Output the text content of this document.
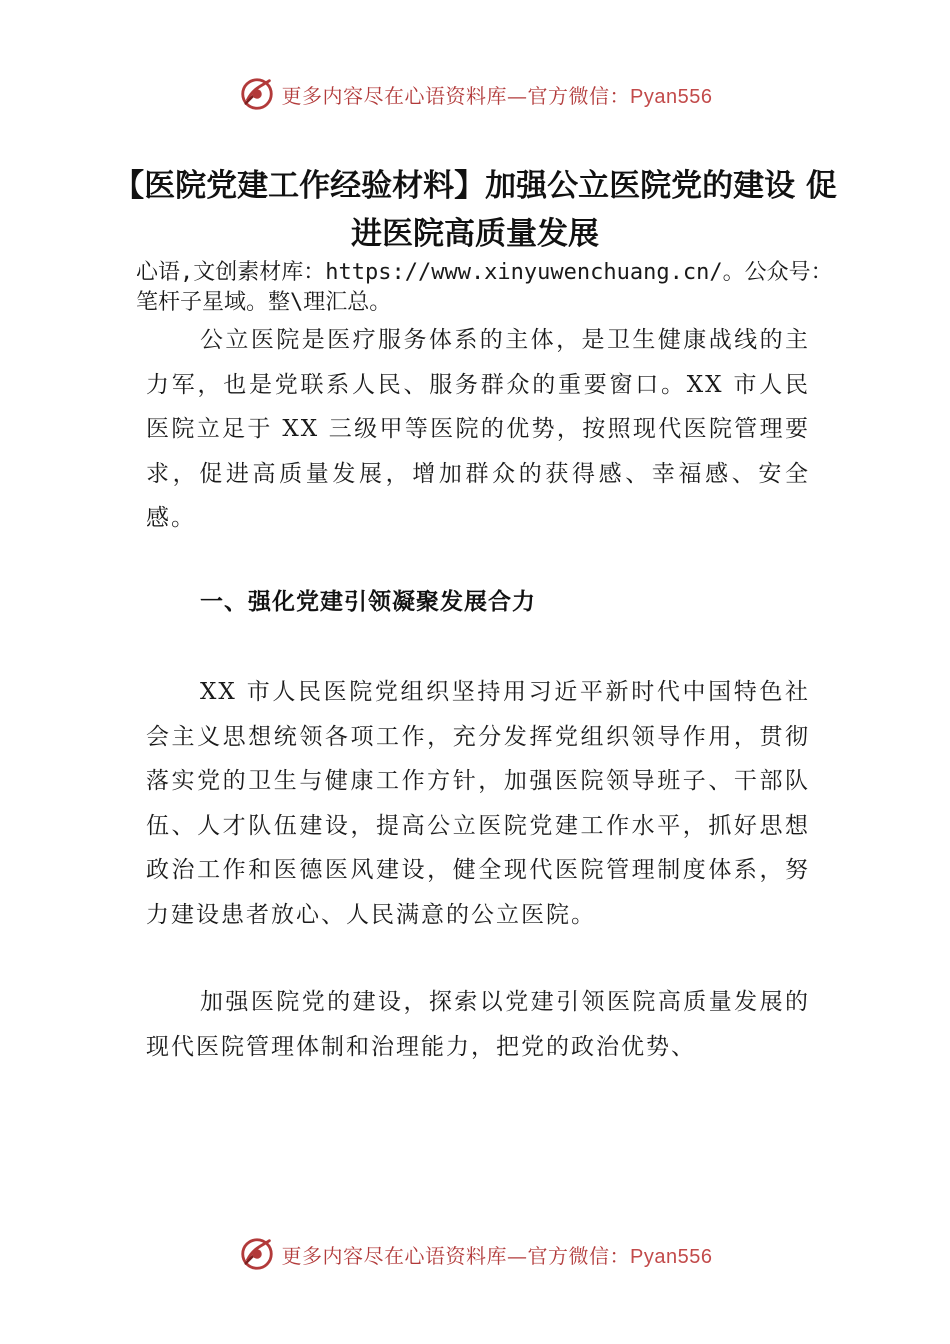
更多内容尽在心语资料库—官方微信：Pyan556
【医院党建工作经验材料】加强公立医院党的建设 促进医院高质量发展

心语,文创素材库：https://www.xinyuwenchuang.cn/。公众号：笔杆子星域。整\理汇总。

公立医院是医疗服务体系的主体，是卫生健康战线的主力军，也是党联系人民、服务群众的重要窗口。XX 市人民医院立足于 XX 三级甲等医院的优势，按照现代医院管理要求，促进高质量发展，增加群众的获得感、幸福感、安全感。

一、强化党建引领凝聚发展合力

XX 市人民医院党组织坚持用习近平新时代中国特色社会主义思想统领各项工作，充分发挥党组织领导作用，贯彻落实党的卫生与健康工作方针，加强医院领导班子、干部队伍、人才队伍建设，提高公立医院党建工作水平，抓好思想政治工作和医德医风建设，健全现代医院管理制度体系，努力建设患者放心、人民满意的公立医院。

加强医院党的建设，探索以党建引领医院高质量发展的现代医院管理体制和治理能力，把党的政治优势、

更多内容尽在心语资料库—官方微信：Pyan556
